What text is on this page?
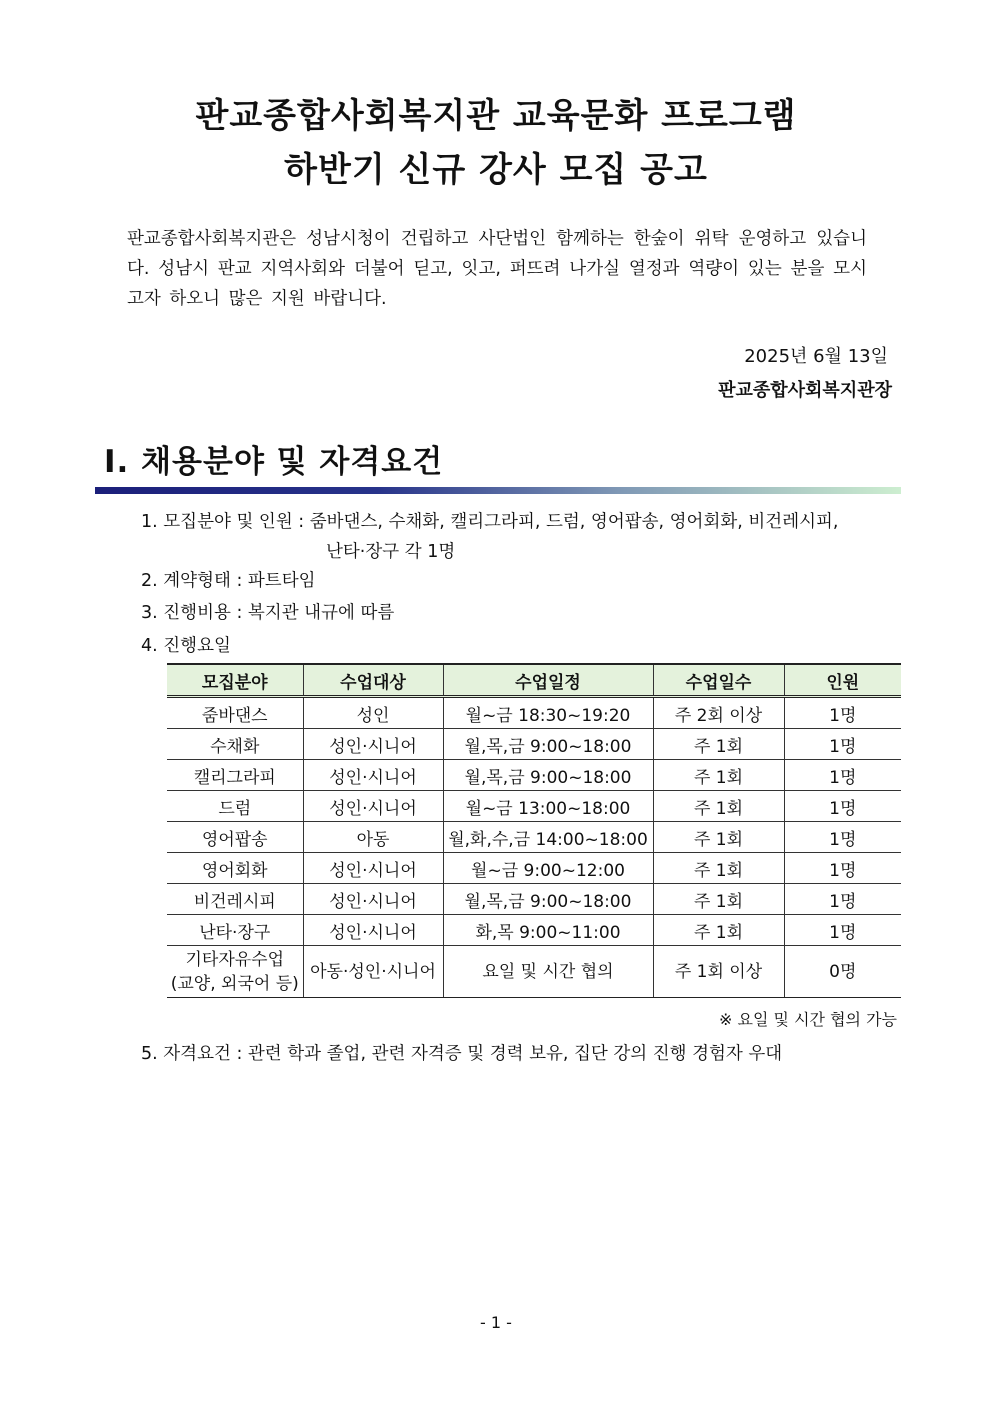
판교종합사회복지관 교육문화 프로그램
하반기 신규 강사 모집 공고
판교종합사회복지관은 성남시청이 건립하고 사단법인 함께하는 한숲이 위탁 운영하고 있습니다. 성남시 판교 지역사회와 더불어 딛고, 잇고, 퍼뜨려 나가실 열정과 역량이 있는 분을 모시고자 하오니 많은 지원 바랍니다.
2025년 6월 13일
판교종합사회복지관장
Ⅰ. 채용분야 및 자격요건
1. 모집분야 및 인원 : 줌바댄스, 수채화, 캘리그라피, 드럼, 영어팝송, 영어회화, 비건레시피,
난타·장구 각 1명
2. 계약형태 : 파트타임
3. 진행비용 : 복지관 내규에 따름
4. 진행요일
모집분야	수업대상	수업일정	수업일수	인원
줌바댄스	성인	월~금 18:30~19:20	주 2회 이상	1명
수채화	성인·시니어	월,목,금 9:00~18:00	주 1회	1명
캘리그라피	성인·시니어	월,목,금 9:00~18:00	주 1회	1명
드럼	성인·시니어	월~금 13:00~18:00	주 1회	1명
영어팝송	아동	월,화,수,금 14:00~18:00	주 1회	1명
영어회화	성인·시니어	월~금 9:00~12:00	주 1회	1명
비건레시피	성인·시니어	월,목,금 9:00~18:00	주 1회	1명
난타·장구	성인·시니어	화,목 9:00~11:00	주 1회	1명

기타자유수업
(교양, 외국어 등)	아동·성인·시니어	요일 및 시간 협의	주 1회 이상	0명
※ 요일 및 시간 협의 가능
5. 자격요건 : 관련 학과 졸업, 관련 자격증 및 경력 보유, 집단 강의 진행 경험자 우대
- 1 -
